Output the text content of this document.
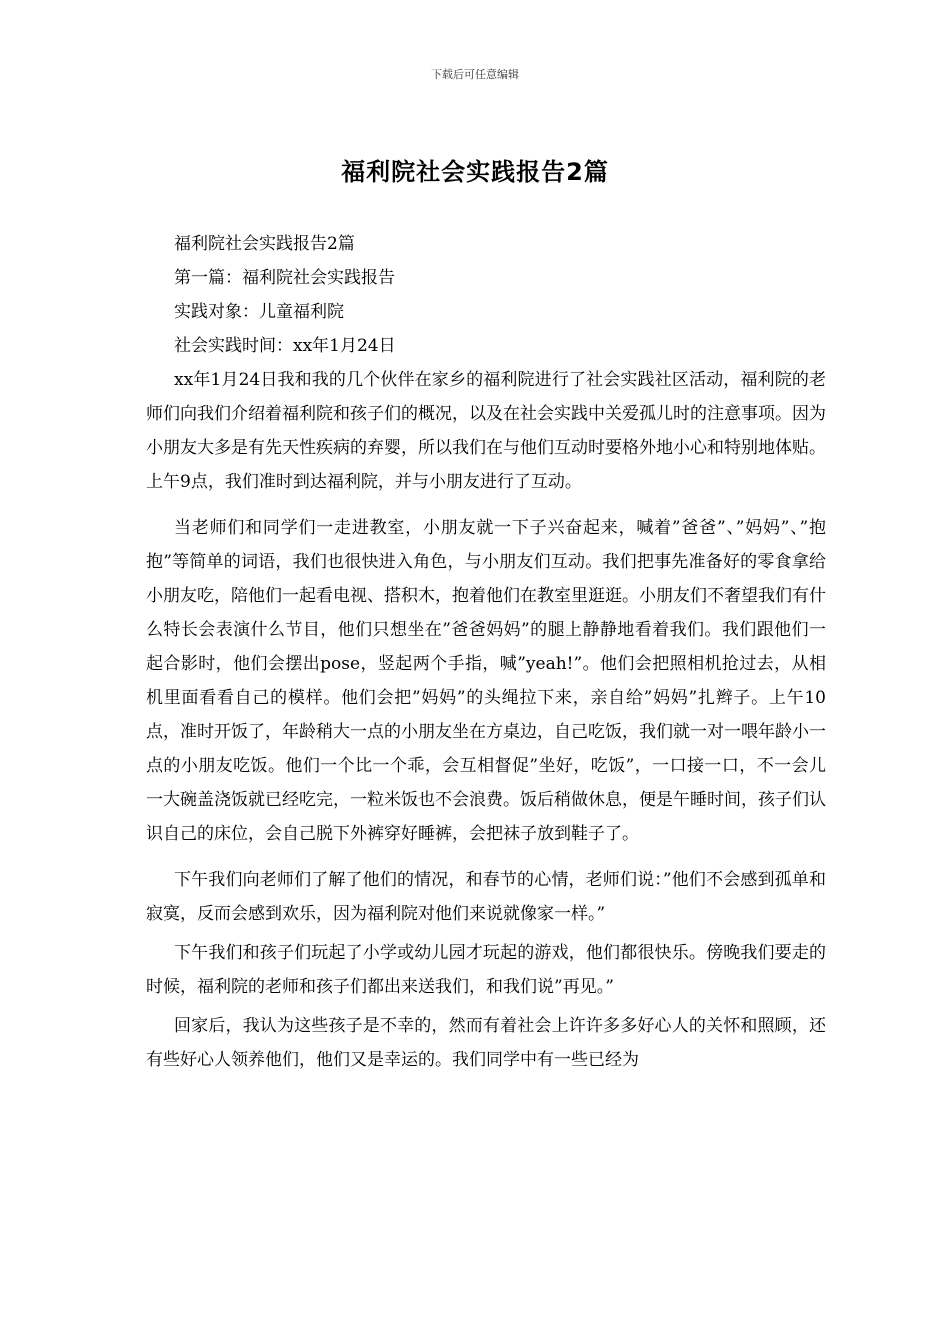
下载后可任意编辑
福利院社会实践报告2篇

福利院社会实践报告2篇

第一篇：福利院社会实践报告

实践对象：儿童福利院

社会实践时间：xx年1月24日

xx年1月24日我和我的几个伙伴在家乡的福利院进行了社会实践社区活动，福利院的老师们向我们介绍着福利院和孩子们的概况，以及在社会实践中关爱孤儿时的注意事项。因为小朋友大多是有先天性疾病的弃婴，所以我们在与他们互动时要格外地小心和特别地体贴。上午9点，我们准时到达福利院，并与小朋友进行了互动。

当老师们和同学们一走进教室，小朋友就一下子兴奋起来，喊着”爸爸”、”妈妈”、”抱抱”等简单的词语，我们也很快进入角色，与小朋友们互动。我们把事先准备好的零食拿给小朋友吃，陪他们一起看电视、搭积木，抱着他们在教室里逛逛。小朋友们不奢望我们有什么特长会表演什么节目，他们只想坐在”爸爸妈妈”的腿上静静地看着我们。我们跟他们一起合影时，他们会摆出pose，竖起两个手指，喊”yeah!”。他们会把照相机抢过去，从相机里面看看自己的模样。他们会把”妈妈”的头绳拉下来，亲自给”妈妈”扎辫子。上午10点，准时开饭了，年龄稍大一点的小朋友坐在方桌边，自己吃饭，我们就一对一喂年龄小一点的小朋友吃饭。他们一个比一个乖，会互相督促”坐好，吃饭”，一口接一口，不一会儿一大碗盖浇饭就已经吃完，一粒米饭也不会浪费。饭后稍做休息，便是午睡时间，孩子们认识自己的床位，会自己脱下外裤穿好睡裤，会把袜子放到鞋子了。

下午我们向老师们了解了他们的情况，和春节的心情，老师们说：”他们不会感到孤单和寂寞，反而会感到欢乐，因为福利院对他们来说就像家一样。”

下午我们和孩子们玩起了小学或幼儿园才玩起的游戏，他们都很快乐。傍晚我们要走的时候，福利院的老师和孩子们都出来送我们，和我们说”再见。”

回家后，我认为这些孩子是不幸的，然而有着社会上许许多多好心人的关怀和照顾，还有些好心人领养他们，他们又是幸运的。我们同学中有一些已经为
